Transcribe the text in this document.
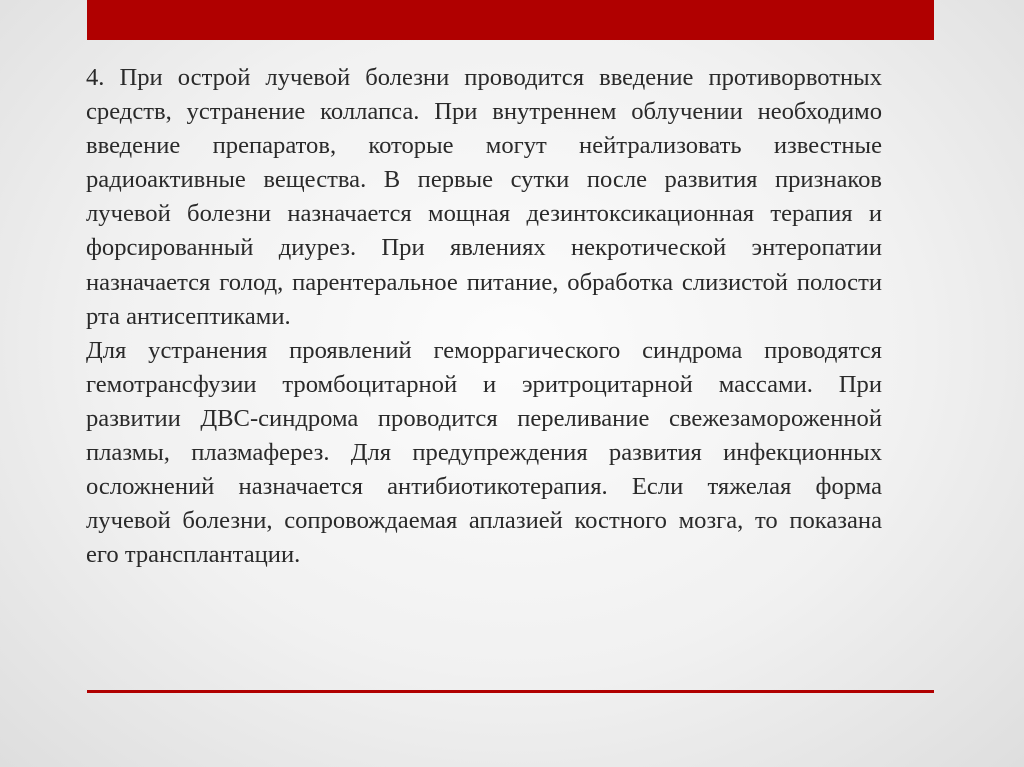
4. При острой лучевой болезни проводится введение противорвотных средств, устранение коллапса. При внутреннем облучении необходимо введение препаратов, которые могут нейтрализовать известные радиоактивные вещества. В первые сутки после развития признаков лучевой болезни назначается мощная дезинтоксикационная терапия и форсированный диурез. При явлениях некротической энтеропатии назначается голод, парентеральное питание, обработка слизистой полости рта антисептиками.

Для устранения проявлений геморрагического синдрома проводятся гемотрансфузии тромбоцитарной и эритроцитарной массами. При развитии ДВС-синдрома проводится переливание свежезамороженной плазмы, плазмаферез. Для предупреждения развития инфекционных осложнений назначается антибиотикотерапия. Если тяжелая форма лучевой болезни, сопровождаемая аплазией костного мозга, то показана его трансплантации.
